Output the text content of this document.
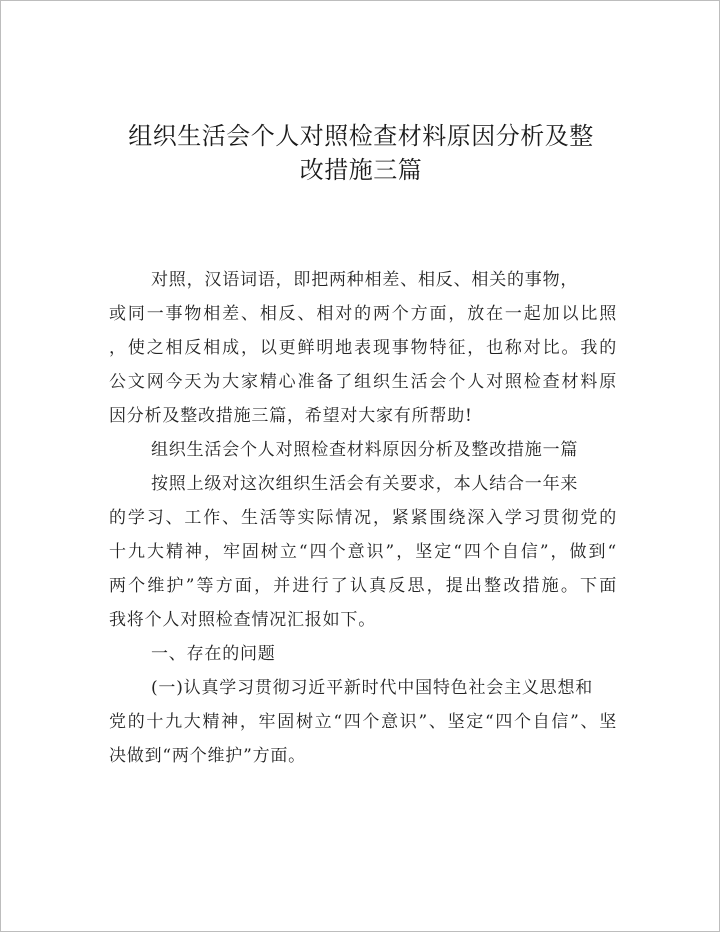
组织生活会个人对照检查材料原因分析及整
改措施三篇
对照，汉语词语，即把两种相差、相反、相关的事物，
或同一事物相差、相反、相对的两个方面，放在一起加以比照
，使之相反相成，以更鲜明地表现事物特征，也称对比。我的
公文网今天为大家精心准备了组织生活会个人对照检查材料原
因分析及整改措施三篇，希望对大家有所帮助!
组织生活会个人对照检查材料原因分析及整改措施一篇
按照上级对这次组织生活会有关要求，本人结合一年来
的学习、工作、生活等实际情况，紧紧围绕深入学习贯彻党的
十九大精神，牢固树立“四个意识”，坚定“四个自信”，做到“
两个维护”等方面，并进行了认真反思，提出整改措施。下面
我将个人对照检查情况汇报如下。
一、存在的问题
(一)认真学习贯彻习近平新时代中国特色社会主义思想和
党的十九大精神，牢固树立“四个意识”、坚定“四个自信”、坚
决做到“两个维护”方面。
